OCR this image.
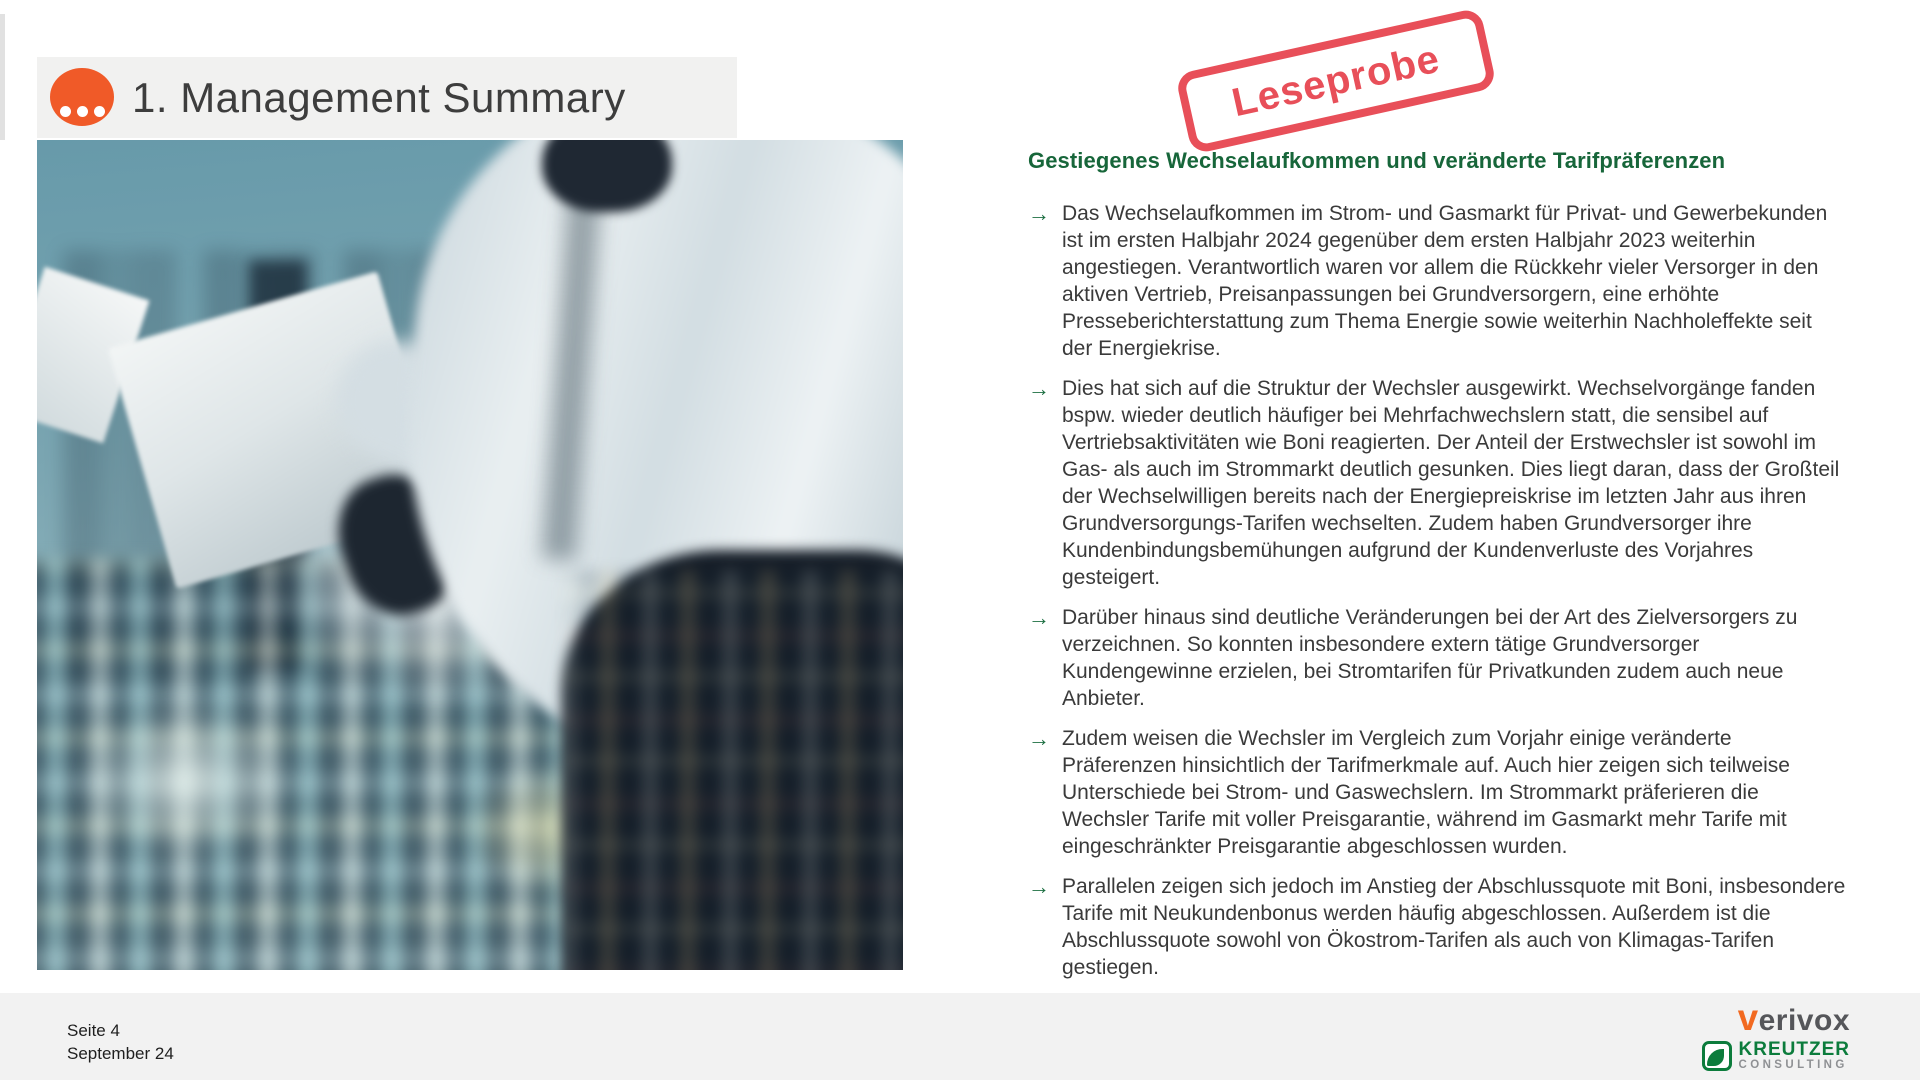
1. Management Summary	Leseprobe
Gestiegenes Wechselaufkommen und veränderte Tarifpräferenzen
→ Das Wechselaufkommen im Strom- und Gasmarkt für Privat- und Gewerbekunden ist im ersten Halbjahr 2024 gegenüber dem ersten Halbjahr 2023 weiterhin angestiegen. Verantwortlich waren vor allem die Rückkehr vieler Versorger in den aktiven Vertrieb, Preisanpassungen bei Grundversorgern, eine erhöhte Presseberichterstattung zum Thema Energie sowie weiterhin Nachholeffekte seit der Energiekrise.

→ Dies hat sich auf die Struktur der Wechsler ausgewirkt. Wechselvorgänge fanden bspw. wieder deutlich häufiger bei Mehrfachwechslern statt, die sensibel auf Vertriebsaktivitäten wie Boni reagierten. Der Anteil der Erstwechsler ist sowohl im Gas- als auch im Strommarkt deutlich gesunken. Dies liegt daran, dass der Großteil der Wechselwilligen bereits nach der Energiepreiskrise im letzten Jahr aus ihren Grundversorgungs-Tarifen wechselten. Zudem haben Grundversorger ihre Kundenbindungsbemühungen aufgrund der Kundenverluste des Vorjahres gesteigert.

→ Darüber hinaus sind deutliche Veränderungen bei der Art des Zielversorgers zu verzeichnen. So konnten insbesondere extern tätige Grundversorger Kundengewinne erzielen, bei Stromtarifen für Privatkunden zudem auch neue Anbieter.

→ Zudem weisen die Wechsler im Vergleich zum Vorjahr einige veränderte Präferenzen hinsichtlich der Tarifmerkmale auf. Auch hier zeigen sich teilweise Unterschiede bei Strom- und Gaswechslern. Im Strommarkt präferieren die Wechsler Tarife mit voller Preisgarantie, während im Gasmarkt mehr Tarife mit eingeschränkter Preisgarantie abgeschlossen wurden.

→ Parallelen zeigen sich jedoch im Anstieg der Abschlussquote mit Boni, insbesondere Tarife mit Neukundenbonus werden häufig abgeschlossen. Außerdem ist die Abschlussquote sowohl von Ökostrom-Tarifen als auch von Klimagas-Tarifen gestiegen.

Seite 4
September 24
verivox
KREUTZER
CONSULTING
